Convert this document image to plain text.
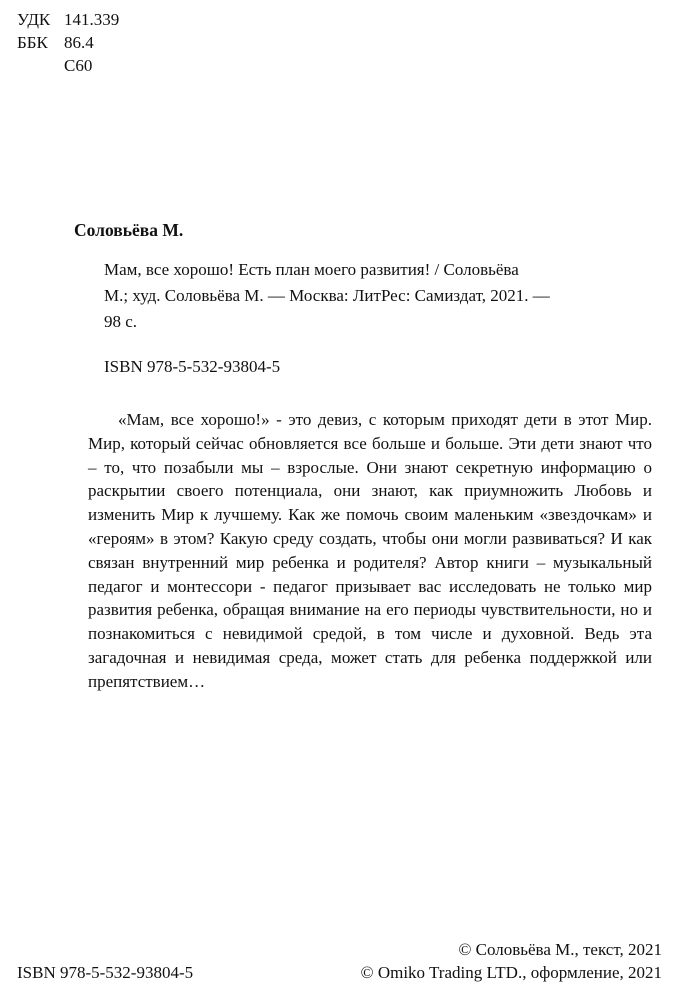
УДК 141.339

ББК 86.4

С60

Соловьёва М.

Мам, все хорошо! Есть план моего развития! / Соловьёва

М.; худ. Соловьёва М. — Москва: ЛитРес: Самиздат, 2021. —

98 с.

ISBN 978-5-532-93804-5

«Мам, все хорошо!» - это девиз, с которым приходят дети в этот Мир. Мир, который сейчас обновляется все больше и больше. Эти дети знают что – то, что позабыли мы – взрослые. Они знают секретную информацию о раскрытии своего потенциала, они знают, как приумножить Любовь и изменить Мир к лучшему. Как же помочь своим маленьким «звездочкам» и «героям» в этом? Какую среду создать, чтобы они могли развиваться? И как связан внутренний мир ребенка и родителя? Автор книги – музыкальный педагог и монтессори - педагог призывает вас исследовать не только мир развития ребенка, обращая внимание на его периоды чувствительности, но и познакомиться с невидимой средой, в том числе и духовной. Ведь эта загадочная и невидимая среда, может стать для ребенка поддержкой или препятствием…

ISBN 978-5-532-93804-5

© Соловьёва М., текст, 2021

© Omiko Trading LTD., оформление, 2021
